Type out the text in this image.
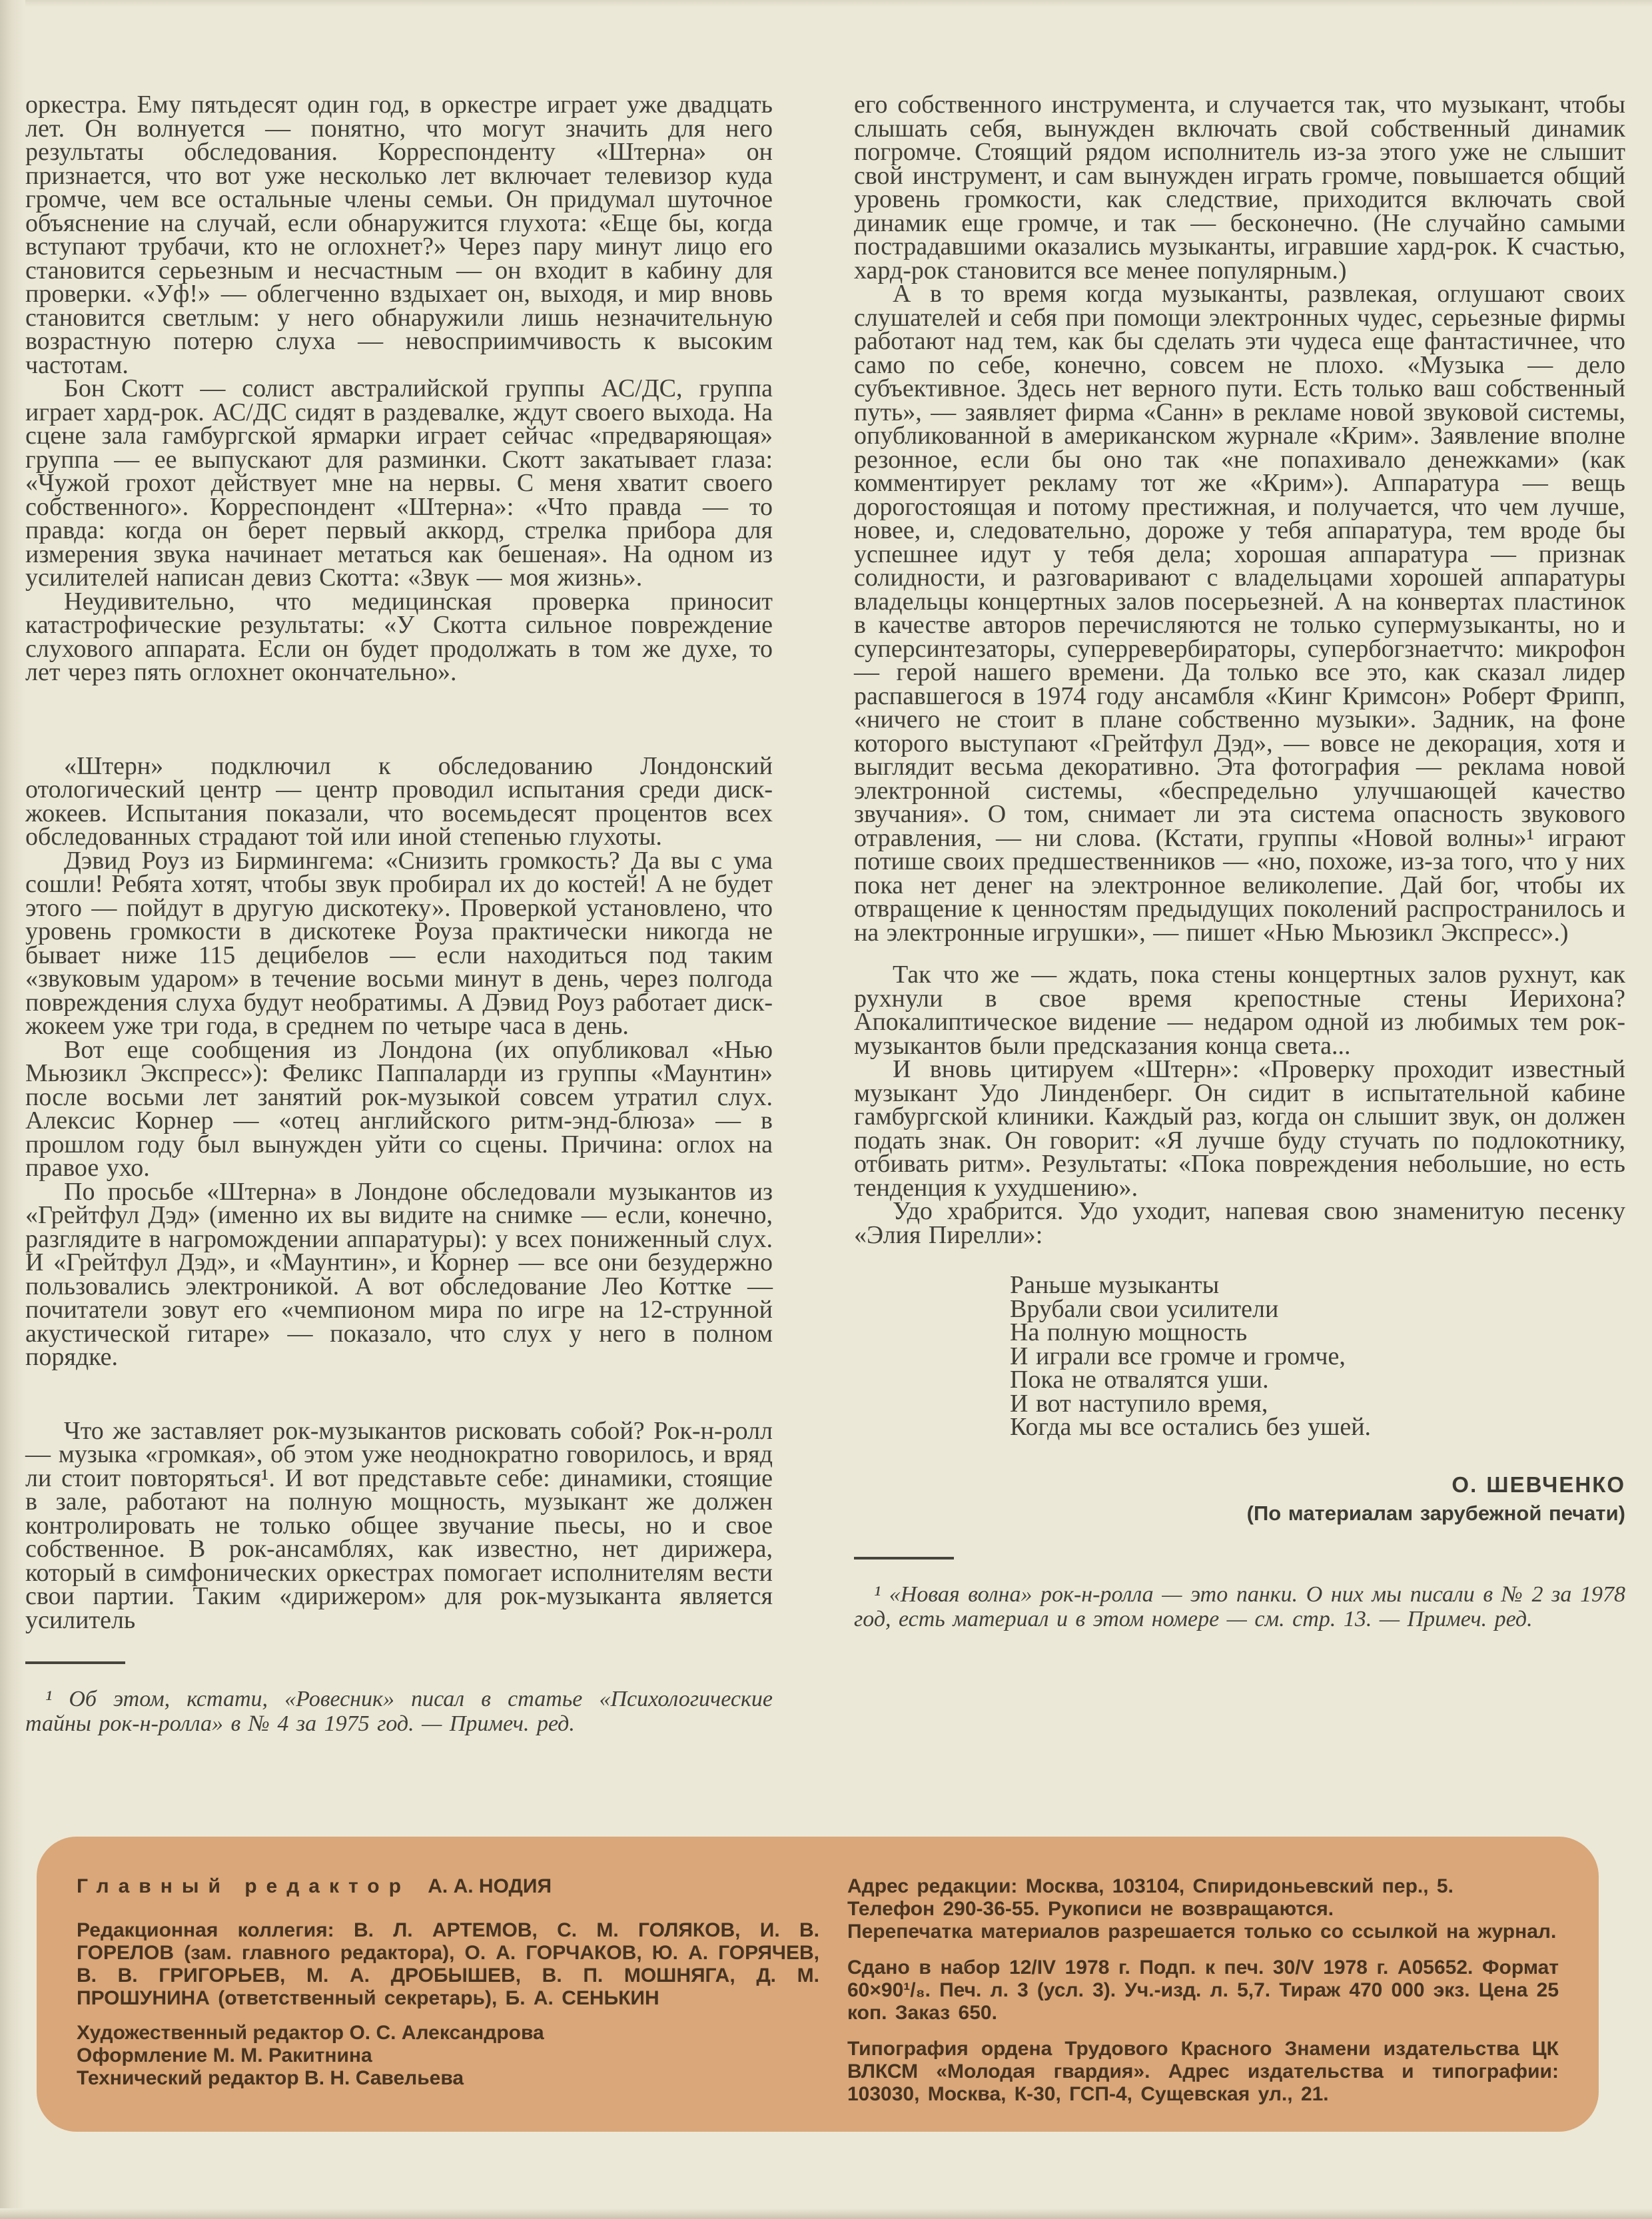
оркестра. Ему пятьдесят один год, в оркестре играет уже двадцать лет. Он волнуется — понятно, что могут значить для него результаты обследования. Корреспонденту «Штерна» он признается, что вот уже несколько лет включает телевизор куда громче, чем все остальные члены семьи. Он придумал шуточное объяснение на случай, если обнаружится глухота: «Еще бы, когда вступают трубачи, кто не оглохнет?» Через пару минут лицо его становится серьезным и несчастным — он входит в кабину для проверки. «Уф!» — облегченно вздыхает он, выходя, и мир вновь становится светлым: у него обнаружили лишь незначительную возрастную потерю слуха — невосприимчивость к высоким частотам.

Бон Скотт — солист австралийской группы АС/ДС, группа играет хард-рок. АС/ДС сидят в раздевалке, ждут своего выхода. На сцене зала гамбургской ярмарки играет сейчас «предваряющая» группа — ее выпускают для разминки. Скотт закатывает глаза: «Чужой грохот действует мне на нервы. С меня хватит своего собственного». Корреспондент «Штерна»: «Что правда — то правда: когда он берет первый аккорд, стрелка прибора для измерения звука начинает метаться как бешеная». На одном из усилителей написан девиз Скотта: «Звук — моя жизнь».

Неудивительно, что медицинская проверка приносит катастрофические результаты: «У Скотта сильное повреждение слухового аппарата. Если он будет продолжать в том же духе, то лет через пять оглохнет окончательно».

«Штерн» подключил к обследованию Лондонский отологический центр — центр проводил испытания среди диск-жокеев. Испытания показали, что восемьдесят процентов всех обследованных страдают той или иной степенью глухоты.

Дэвид Роуз из Бирмингема: «Снизить громкость? Да вы с ума сошли! Ребята хотят, чтобы звук пробирал их до костей! А не будет этого — пойдут в другую дискотеку». Проверкой установлено, что уровень громкости в дискотеке Роуза практически никогда не бывает ниже 115 децибелов — если находиться под таким «звуковым ударом» в течение восьми минут в день, через полгода повреждения слуха будут необратимы. А Дэвид Роуз работает диск-жокеем уже три года, в среднем по четыре часа в день.

Вот еще сообщения из Лондона (их опубликовал «Нью Мьюзикл Экспресс»): Феликс Паппаларди из группы «Маунтин» после восьми лет занятий рок-музыкой совсем утратил слух. Алексис Корнер — «отец английского ритм-энд-блюза» — в прошлом году был вынужден уйти со сцены. Причина: оглох на правое ухо.

По просьбе «Штерна» в Лондоне обследовали музыкантов из «Грейтфул Дэд» (именно их вы видите на снимке — если, конечно, разглядите в нагромождении аппаратуры): у всех пониженный слух. И «Грейтфул Дэд», и «Маунтин», и Корнер — все они безудержно пользовались электроникой. А вот обследование Лео Коттке — почитатели зовут его «чемпионом мира по игре на 12-струнной акустической гитаре» — показало, что слух у него в полном порядке.

Что же заставляет рок-музыкантов рисковать собой? Рок-н-ролл — музыка «громкая», об этом уже неоднократно говорилось, и вряд ли стоит повторяться¹. И вот представьте себе: динамики, стоящие в зале, работают на полную мощность, музыкант же должен контролировать не только общее звучание пьесы, но и свое собственное. В рок-ансамблях, как известно, нет дирижера, который в симфонических оркестрах помогает исполнителям вести свои партии. Таким «дирижером» для рок-музыканта является усилитель

¹ Об этом, кстати, «Ровесник» писал в статье «Психологические тайны рок-н-ролла» в № 4 за 1975 год. — Примеч. ред.

его собственного инструмента, и случается так, что музыкант, чтобы слышать себя, вынужден включать свой собственный динамик погромче. Стоящий рядом исполнитель из-за этого уже не слышит свой инструмент, и сам вынужден играть громче, повышается общий уровень громкости, как следствие, приходится включать свой динамик еще громче, и так — бесконечно. (Не случайно самыми пострадавшими оказались музыканты, игравшие хард-рок. К счастью, хард-рок становится все менее популярным.)

А в то время когда музыканты, развлекая, оглушают своих слушателей и себя при помощи электронных чудес, серьезные фирмы работают над тем, как бы сделать эти чудеса еще фантастичнее, что само по себе, конечно, совсем не плохо. «Музыка — дело субъективное. Здесь нет верного пути. Есть только ваш собственный путь», — заявляет фирма «Санн» в рекламе новой звуковой системы, опубликованной в американском журнале «Крим». Заявление вполне резонное, если бы оно так «не попахивало денежками» (как комментирует рекламу тот же «Крим»). Аппаратура — вещь дорогостоящая и потому престижная, и получается, что чем лучше, новее, и, следовательно, дороже у тебя аппаратура, тем вроде бы успешнее идут у тебя дела; хорошая аппаратура — признак солидности, и разговаривают с владельцами хорошей аппаратуры владельцы концертных залов посерьезней. А на конвертах пластинок в качестве авторов перечисляются не только супермузыканты, но и суперсинтезаторы, суперревербираторы, супербогзнаетчто: микрофон — герой нашего времени. Да только все это, как сказал лидер распавшегося в 1974 году ансамбля «Кинг Кримсон» Роберт Фрипп, «ничего не стоит в плане собственно музыки». Задник, на фоне которого выступают «Грейтфул Дэд», — вовсе не декорация, хотя и выглядит весьма декоративно. Эта фотография — реклама новой электронной системы, «беспредельно улучшающей качество звучания». О том, снимает ли эта система опасность звукового отравления, — ни слова. (Кстати, группы «Новой волны»¹ играют потише своих предшественников — «но, похоже, из-за того, что у них пока нет денег на электронное великолепие. Дай бог, чтобы их отвращение к ценностям предыдущих поколений распространилось и на электронные игрушки», — пишет «Нью Мьюзикл Экспресс».)

Так что же — ждать, пока стены концертных залов рухнут, как рухнули в свое время крепостные стены Иерихона? Апокалиптическое видение — недаром одной из любимых тем рок-музыкантов были предсказания конца света...

И вновь цитируем «Штерн»: «Проверку проходит известный музыкант Удо Линденберг. Он сидит в испытательной кабине гамбургской клиники. Каждый раз, когда он слышит звук, он должен подать знак. Он говорит: «Я лучше буду стучать по подлокотнику, отбивать ритм». Результаты: «Пока повреждения небольшие, но есть тенденция к ухудшению».

Удо храбрится. Удо уходит, напевая свою знаменитую песенку «Элия Пирелли»:

Раньше музыканты
Врубали свои усилители
На полную мощность
И играли все громче и громче,
Пока не отвалятся уши.
И вот наступило время,
Когда мы все остались без ушей.
О. ШЕВЧЕНКО
(По материалам зарубежной печати)
¹ «Новая волна» рок-н-ролла — это панки. О них мы писали в № 2 за 1978 год, есть материал и в этом номере — см. стр. 13. — Примеч. ред.
Главный редактор А. А. НОДИЯ
Редакционная коллегия: В. Л. АРТЕМОВ, С. М. ГОЛЯКОВ, И. В. ГОРЕЛОВ (зам. главного редактора), О. А. ГОРЧАКОВ, Ю. А. ГОРЯЧЕВ, В. В. ГРИГОРЬЕВ, М. А. ДРОБЫШЕВ, В. П. МОШНЯГА, Д. М. ПРОШУНИНА (ответственный секретарь), Б. А. СЕНЬКИН
Художественный редактор О. С. Александрова
Оформление М. М. Ракитнина
Технический редактор В. Н. Савельева
Адрес редакции: Москва, 103104, Спиридоньевский пер., 5.
Телефон 290-36-55. Рукописи не возвращаются.
Перепечатка материалов разрешается только со ссылкой на журнал.
Сдано в набор 12/IV 1978 г. Подп. к печ. 30/V 1978 г. А05652. Формат 60×90¹/₈. Печ. л. 3 (усл. 3). Уч.-изд. л. 5,7. Тираж 470 000 экз. Цена 25 коп. Заказ 650.
Типография ордена Трудового Красного Знамени издательства ЦК ВЛКСМ «Молодая гвардия». Адрес издательства и типографии: 103030, Москва, К-30, ГСП-4, Сущевская ул., 21.
